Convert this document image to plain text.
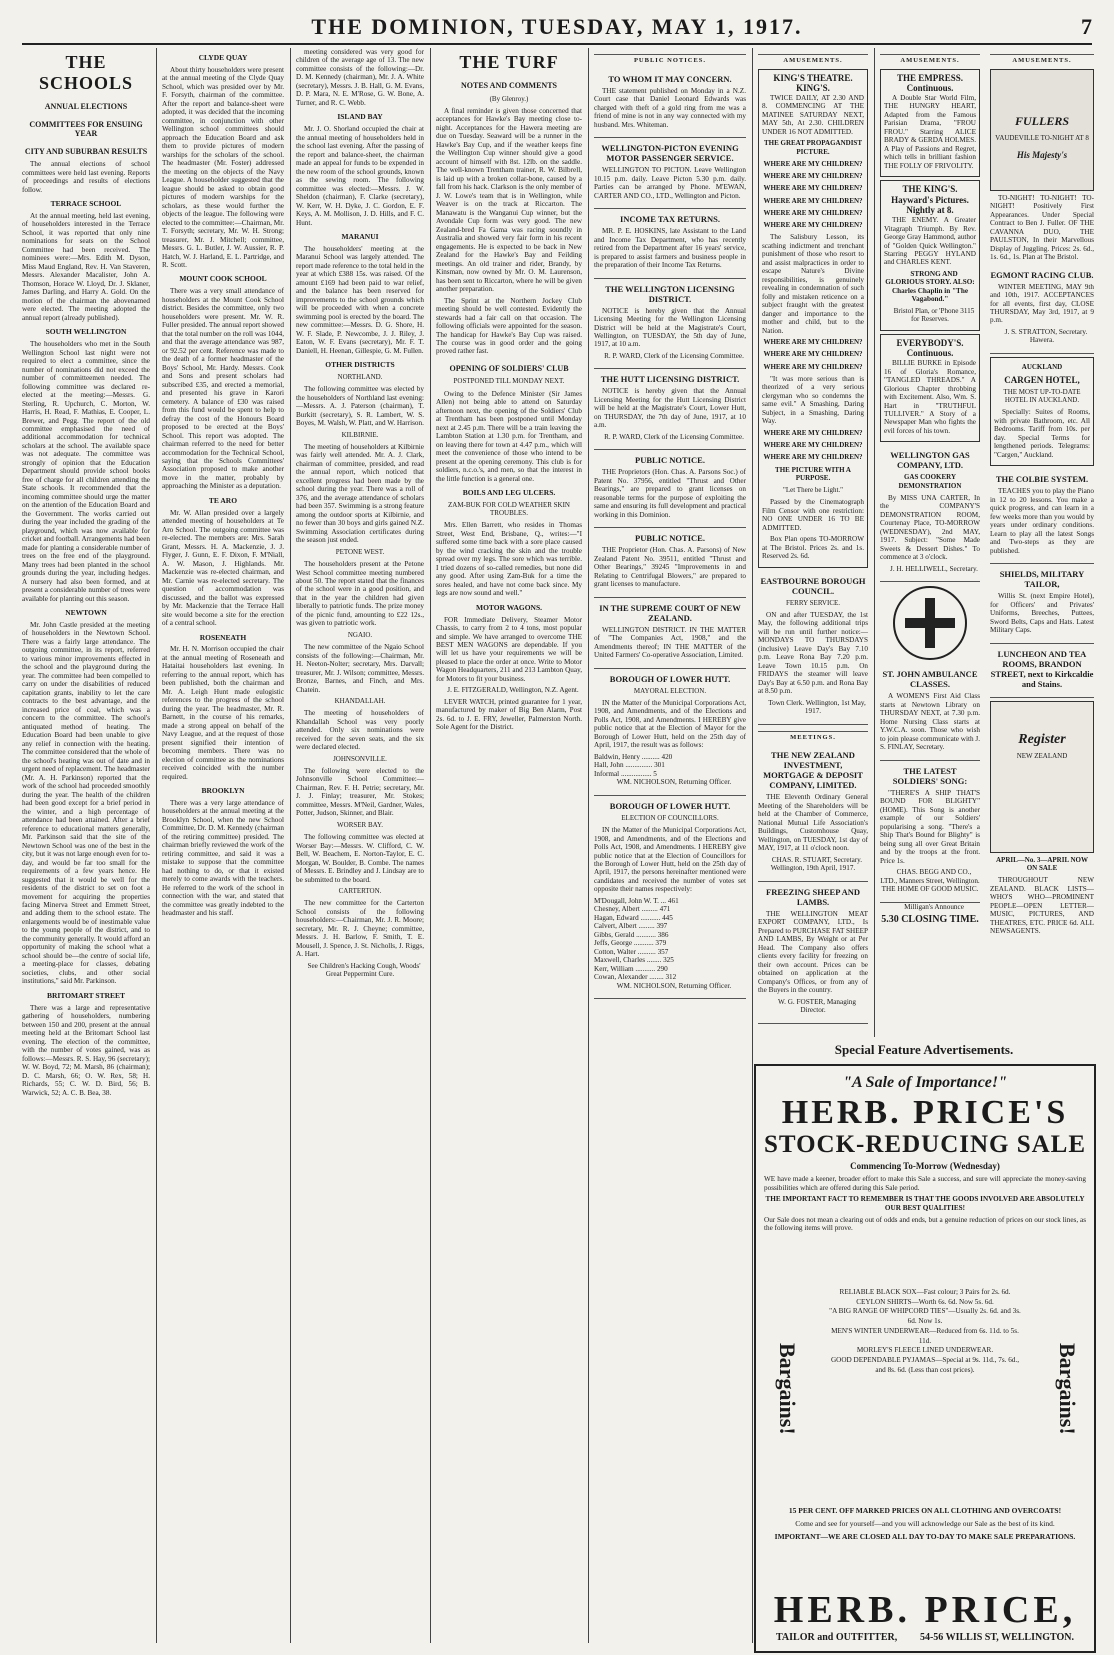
THE DOMINION, TUESDAY, MAY 1, 1917.	7
THE SCHOOLS
ANNUAL ELECTIONS
COMMITTEES FOR ENSUING YEAR
CITY AND SUBURBAN RESULTS

The annual elections of school committees were held last evening. Reports of proceedings and results of elections follow.

TERRACE SCHOOL

At the annual meeting, held last evening, of householders interested in the Terrace School, it was reported that only nine nominations for seats on the School Committee had been received. The nominees were:—Mrs. Edith M. Dyson, Miss Maud England, Rev. H. Van Staveren, Messrs. Alexander Macalister, John A. Thomson, Horace W. Lloyd, Dr. J. Sklaner, James Darling, and Harry A. Gold. On the motion of the chairman the abovenamed were elected. The meeting adopted the annual report (already published).

SOUTH WELLINGTON

The householders who met in the South Wellington School last night were not required to elect a committee, since the number of nominations did not exceed the number of committeemen needed. The following committee was declared re-elected at the meeting:—Messrs. G. Sterling, R. Upchurch, C. Morton, W. Harris, H. Read, F. Mathias, E. Cooper, L. Brewer, and Pegg. The report of the old committee emphasised the need of additional accommodation for technical scholars at the school. The available space was not adequate. The committee was strongly of opinion that the Education Department should provide school books free of charge for all children attending the State schools. It recommended that the incoming committee should urge the matter on the attention of the Education Board and the Government. The works carried out during the year included the grading of the playground, which was now available for cricket and football. Arrangements had been made for planting a considerable number of trees on the free end of the playground. Many trees had been planted in the school grounds during the year, including hedges. A nursery had also been formed, and at present a considerable number of trees were available for planting out this season.

NEWTOWN

Mr. John Castle presided at the meeting of householders in the Newtown School. There was a fairly large attendance. The outgoing committee, in its report, referred to various minor improvements effected in the school and the playground during the year. The committee had been compelled to carry on under the disabilities of reduced capitation grants, inability to let the care contracts to the best advantage, and the increased price of coal, which was a concern to the committee. The school's antiquated method of heating. The Education Board had been unable to give any relief in connection with the heating. The committee considered that the whole of the school's heating was out of date and in urgent need of replacement. The headmaster (Mr. A. H. Parkinson) reported that the work of the school had proceeded smoothly during the year. The health of the children had been good except for a brief period in the winter, and a high percentage of attendance had been attained. After a brief reference to educational matters generally, Mr. Parkinson said that the site of the Newtown School was one of the best in the city, but it was not large enough even for to-day, and would be far too small for the requirements of a few years hence. He suggested that it would be well for the residents of the district to set on foot a movement for acquiring the properties facing Minerva Street and Emmett Street, and adding them to the school estate. The enlargements would be of inestimable value to the young people of the district, and to the community generally. It would afford an opportunity of making the school what a school should be—the centre of social life, a meeting-place for classes, debating societies, clubs, and other social institutions," said Mr. Parkinson.

BRITOMART STREET

There was a large and representative gathering of householders, numbering between 150 and 200, present at the annual meeting held at the Britomart School last evening. The election of the committee, with the number of votes gained, was as follows:—Messrs. R. S. Hay, 96 (secretary); W. W. Boyd, 72; M. Marsh, 86 (chairman); D. C. Marsh, 66; O. W. Rex, 58; H. Richards, 55; C. W. D. Bird, 56; B. Warwick, 52; A. C. B. Bea, 38.

CLYDE QUAY

About thirty householders were present at the annual meeting of the Clyde Quay School, which was presided over by Mr. F. Forsyth, chairman of the committee. After the report and balance-sheet were adopted, it was decided that the incoming committee, in conjunction with other Wellington school committees should approach the Education Board and ask them to provide pictures of modern warships for the scholars of the school. The headmaster (Mr. Foster) addressed the meeting on the objects of the Navy League. A householder suggested that the league should be asked to obtain good pictures of modern warships for the scholars, as these would further the objects of the league. The following were elected to the committee:—Chairman, Mr. T. Forsyth; secretary, Mr. W. H. Strong; treasurer, Mr. J. Mitchell; committee, Messrs. G. L. Butler, J. W. Aussier, R. P. Hatch, W. J. Harland, E. L. Partridge, and R. Scott.

MOUNT COOK SCHOOL

There was a very small attendance of householders at the Mount Cook School district. Besides the committee, only two householders were present. Mr. W. R. Fuller presided. The annual report showed that the total number on the roll was 1044, and that the average attendance was 987, or 92.52 per cent. Reference was made to the death of a former headmaster of the Boys' School, Mr. Hardy. Messrs. Cook and Sons and present scholars had subscribed £35, and erected a memorial, and presented his grave in Karori cemetery. A balance of £30 was raised from this fund would be spent to help to defray the cost of the Honours Board proposed to be erected at the Boys' School. This report was adopted. The chairman referred to the need for better accommodation for the Technical School, saying that the Schools Committees' Association proposed to make another move in the matter, probably by approaching the Minister as a deputation.

TE ARO

Mr. W. Allan presided over a largely attended meeting of householders at Te Aro School. The outgoing committee was re-elected. The members are: Mrs. Sarah Grant, Messrs. H. A. Mackenzie, J. J. Flyger, J. Gunn, E. F. Dixon, F. M'Niall, A. W. Mason, J. Highlands. Mr. Mackenzie was re-elected chairman, and Mr. Carnie was re-elected secretary. The question of accommodation was discussed, and the ballot was expressed by Mr. Mackenzie that the Terrace Hall site would become a site for the erection of a central school.

ROSENEATH

Mr. H. N. Morrison occupied the chair at the annual meeting of Roseneath and Hataitai householders last evening. In referring to the annual report, which has been published, both the chairman and Mr. A. Leigh Hunt made eulogistic references to the progress of the school during the year. The headmaster, Mr. R. Barnett, in the course of his remarks, made a strong appeal on behalf of the Navy League, and at the request of those present signified their intention of becoming members. There was no election of committee as the nominations received coincided with the number required.

BROOKLYN

There was a very large attendance of householders at the annual meeting at the Brooklyn School, when the new School Committee, Dr. D. M. Kennedy (chairman of the retiring committee) presided. The chairman briefly reviewed the work of the retiring committee, and said it was a mistake to suppose that the committee had nothing to do, or that it existed merely to come awards with the teachers. He referred to the work of the school in connection with the war, and stated that the committee was greatly indebted to the headmaster and his staff.

meeting considered was very good for children of the average age of 13. The new committee consists of the following:—Dr. D. M. Kennedy (chairman), Mr. J. A. White (secretary), Messrs. J. B. Hall, G. M. Evans, D. P. Mara, N. E. M'Rose, G. W. Bone, A. Turner, and R. C. Webb.

ISLAND BAY

Mr. J. O. Shorland occupied the chair at the annual meeting of householders held in the school last evening. After the passing of the report and balance-sheet, the chairman made an appeal for funds to be expended in the new room of the school grounds, known as the sewing room. The following committee was elected:—Messrs. J. W. Sheldon (chairman), F. Clarke (secretary), W. Kerr, W. H. Dyke, J. C. Gordon, E. F. Keys, A. M. Mollison, J. D. Hills, and F. C. Hunt.

MARANUI

The householders' meeting at the Maranui School was largely attended. The report made reference to the total held in the year at which £388 15s. was raised. Of the amount £169 had been paid to war relief, and the balance has been reserved for improvements to the school grounds which will be proceeded with when a concrete swimming pool is erected by the board. The new committee:—Messrs. D. G. Shore, H. W. F. Slade, P. Newcombe, J. J. Riley, J. Eaton, W. F. Evans (secretary), Mr. F. T. Daniell, H. Heenan, Gillespie, G. M. Fullen.

OTHER DISTRICTS
NORTHLAND.

The following committee was elected by the householders of Northland last evening:—Messrs. A. J. Paterson (chairman), T. Burkitt (secretary), S. R. Lambert, W. S. Boyes, M. Walsh, W. Platt, and W. Harrison.

KILBIRNIE.

The meeting of householders at Kilbirnie was fairly well attended. Mr. A. J. Clark, chairman of committee, presided, and read the annual report, which noticed that excellent progress had been made by the school during the year. There was a roll of 376, and the average attendance of scholars had been 357. Swimming is a strong feature among the outdoor sports at Kilbirnie, and no fewer than 30 boys and girls gained N.Z. Swimming Association certificates during the season just ended.

PETONE WEST.

The householders present at the Petone West School committee meeting numbered about 50. The report stated that the finances of the school were in a good position, and that in the year the children had given liberally to patriotic funds. The prize money of the picnic fund, amounting to £22 12s., was given to patriotic work.

NGAIO.

The new committee of the Ngaio School consists of the following:—Chairman, Mr. H. Neeton-Nolter; secretary, Mrs. Darvall; treasurer, Mr. J. Wilson; committee, Messrs. Bronze, Barnes, and Finch, and Mrs. Chatein.

KHANDALLAH.

The meeting of householders of Khandallah School was very poorly attended. Only six nominations were received for the seven seats, and the six were declared elected.

JOHNSONVILLE.

The following were elected to the Johnsonville School Committee:—Chairman, Rev. F. H. Petrie; secretary, Mr. J. J. Finlay; treasurer, Mr. Stokes; committee, Messrs. M'Neil, Gardner, Wales, Potter, Judson, Skinner, and Blair.

WORSER BAY.

The following committee was elected at Worser Bay:—Messrs. W. Clifford, C. W. Bell, W. Beachem, E. Norton-Taylor, E. C. Morgan, W. Boulder, B. Combe. The names of Messrs. E. Brindley and J. Lindsay are to be submitted to the board.

CARTERTON.

The new committee for the Carterton School consists of the following householders:—Chairman, Mr. J. R. Moore; secretary, Mr. R. J. Cheyne; committee, Messrs. J. H. Barlow, F. Smith, T. E. Mousell, J. Spence, J. St. Nicholls, J. Riggs, A. Hart.

See Children's Hacking Cough, Woods' Great Peppermint Cure.

THE TURF
NOTES AND COMMENTS
(By Glenroy.)

A final reminder is given those concerned that acceptances for Hawke's Bay meeting close to-night. Acceptances for the Hawera meeting are due on Tuesday. Seaward will be a runner in the Hawke's Bay Cup, and if the weather keeps fine the Wellington Cup winner should give a good account of himself with 8st. 12lb. on the saddle. The well-known Trentham trainer, R. W. Bilbrell, is laid up with a broken collar-bone, caused by a fall from his hack. Clarkson is the only member of J. W. Lowe's team that is in Wellington, while Weaver is on the track at Riccarton. The Manawatu is the Wanganui Cup winner, but the Avondale Cup form was very good. The new Zealand-bred Fa Gama was racing soundly in Australia and showed very fair form in his recent engagements. He is expected to be back in New Zealand for the Hawke's Bay and Feilding meetings. An old trainer and rider, Brandy, by Kinsman, now owned by Mr. O. M. Laurenson, has been sent to Riccarton, where he will be given another preparation.

The Sprint at the Northern Jockey Club meeting should be well contested. Evidently the stewards had a fair call on that occasion. The following officials were appointed for the season. The handicap for Hawke's Bay Cup was raised. The course was in good order and the going proved rather fast.

OPENING OF SOLDIERS' CLUB
POSTPONED TILL MONDAY NEXT.

Owing to the Defence Minister (Sir James Allen) not being able to attend on Saturday afternoon next, the opening of the Soldiers' Club at Trentham has been postponed until Monday next at 2.45 p.m. There will be a train leaving the Lambton Station at 1.30 p.m. for Trentham, and on leaving there for town at 4.47 p.m., which will meet the convenience of those who intend to be present at the opening ceremony. This club is for soldiers, n.c.o.'s, and men, so that the interest in the little function is a general one.

BOILS AND LEG ULCERS.
ZAM-BUK FOR COLD WEATHER SKIN TROUBLES.

Mrs. Ellen Barrett, who resides in Thomas Street, West End, Brisbane, Q., writes:—"I suffered some time back with a sore place caused by the wind cracking the skin and the trouble spread over my legs. The sore which was terrible. I tried dozens of so-called remedies, but none did any good. After using Zam-Buk for a time the sores healed, and have not come back since. My legs are now sound and well."

MOTOR WAGONS.

FOR Immediate Delivery, Steamer Motor Chassis, to carry from 2 to 4 tons, most popular and simple. We have arranged to overcome THE BEST MEN WAGONS are dependable. If you will let us have your requirements we will be pleased to place the order at once. Write to Motor Wagon Headquarters, 211 and 213 Lambton Quay, for Motors to fit your business.

J. E. FITZGERALD, Wellington, N.Z. Agent.

LEVER WATCH, printed guarantee for 1 year, manufactured by maker of Big Ben Alarm, Post 2s. 6d. to J. E. FRY, Jeweller, Palmerston North. Sole Agent for the District.

PUBLIC NOTICES.
TO WHOM IT MAY CONCERN.

THE statement published on Monday in a N.Z. Court case that Daniel Leonard Edwards was charged with theft of a gold ring from me was a friend of mine is not in any way connected with my husband. Mrs. Whiteman.

WELLINGTON-PICTON EVENING MOTOR PASSENGER SERVICE.

WELLINGTON TO PICTON. Leave Wellington 10.15 p.m. daily. Leave Picton 5.30 p.m. daily. Parties can be arranged by Phone. M'EWAN, CARTER AND CO., LTD., Wellington and Picton.

INCOME TAX RETURNS.

MR. P. E. HOSKINS, late Assistant to the Land and Income Tax Department, who has recently retired from the Department after 16 years' service, is prepared to assist farmers and business people in the preparation of their Income Tax Returns.

THE WELLINGTON LICENSING DISTRICT.

NOTICE is hereby given that the Annual Licensing Meeting for the Wellington Licensing District will be held at the Magistrate's Court, Wellington, on TUESDAY, the 5th day of June, 1917, at 10 a.m.

R. P. WARD, Clerk of the Licensing Committee.

THE HUTT LICENSING DISTRICT.

NOTICE is hereby given that the Annual Licensing Meeting for the Hutt Licensing District will be held at the Magistrate's Court, Lower Hutt, on THURSDAY, the 7th day of June, 1917, at 10 a.m.

R. P. WARD, Clerk of the Licensing Committee.

PUBLIC NOTICE.

THE Proprietors (Hon. Chas. A. Parsons Soc.) of Patent No. 37956, entitled "Thrust and Other Bearings," are prepared to grant licenses on reasonable terms for the purpose of exploiting the same and ensuring its full development and practical working in this Dominion.

PUBLIC NOTICE.

THE Proprietor (Hon. Chas. A. Parsons) of New Zealand Patent No. 39511, entitled "Thrust and Other Bearings," 39245 "Improvements in and Relating to Centrifugal Blowers," are prepared to grant licenses to manufacture.

IN THE SUPREME COURT OF NEW ZEALAND.

WELLINGTON DISTRICT. IN THE MATTER of "The Companies Act, 1908," and the Amendments thereof; IN THE MATTER of the United Farmers' Co-operative Association, Limited.

BOROUGH OF LOWER HUTT.
MAYORAL ELECTION.

IN the Matter of the Municipal Corporations Act, 1908, and Amendments, and of the Elections and Polls Act, 1908, and Amendments. I HEREBY give public notice that at the Election of Mayor for the Borough of Lower Hutt, held on the 25th day of April, 1917, the result was as follows:

Baldwin, Henry .......... 420
Hall, John ............... 301
Informal ................. 5

WM. NICHOLSON, Returning Officer.

BOROUGH OF LOWER HUTT.
ELECTION OF COUNCILLORS.

IN the Matter of the Municipal Corporations Act, 1908, and Amendments, and of the Elections and Polls Act, 1908, and Amendments. I HEREBY give public notice that at the Election of Councillors for the Borough of Lower Hutt, held on the 25th day of April, 1917, the persons hereinafter mentioned were candidates and received the number of votes set opposite their names respectively:

M'Dougall, John W. T. ... 461
Chesney, Albert ......... 471
Hagan, Edward ........... 445
Calvert, Albert ......... 397
Gibbs, Gerald ........... 386
Jeffs, George ........... 379
Cotton, Walter .......... 357
Maxwell, Charles ........ 325
Kerr, William ........... 290
Cowan, Alexander ........ 312

WM. NICHOLSON, Returning Officer.

AMUSEMENTS.
KING'S THEATRE. KING'S.

TWICE DAILY, AT 2.30 AND 8. COMMENCING AT THE MATINEE SATURDAY NEXT, MAY 5th, At 2.30. CHILDREN UNDER 16 NOT ADMITTED.

THE GREAT PROPAGANDIST PICTURE.
WHERE ARE MY CHILDREN?
WHERE ARE MY CHILDREN?
WHERE ARE MY CHILDREN?
WHERE ARE MY CHILDREN?
WHERE ARE MY CHILDREN?
WHERE ARE MY CHILDREN?

The Salisbury Lesson, its scathing indictment and trenchant punishment of those who resort to and assist malpractices in order to escape Nature's Divine responsibilities, is genuinely revealing in condemnation of such folly and mistaken reticence on a subject fraught with the greatest danger and importance to the mother and child, but to the Nation.

WHERE ARE MY CHILDREN?
WHERE ARE MY CHILDREN?
WHERE ARE MY CHILDREN?

"It was more serious than is theorized of a very serious clergyman who so condemns the same evil." A Smashing, Daring Subject, in a Smashing, Daring Way.

WHERE ARE MY CHILDREN?
WHERE ARE MY CHILDREN?
WHERE ARE MY CHILDREN?
THE PICTURE WITH A PURPOSE.
"Let There be Light."

Passed by the Cinematograph Film Censor with one restriction: NO ONE UNDER 16 TO BE ADMITTED.

Box Plan opens TO-MORROW at The Bristol. Prices 2s. and 1s. Reserved 2s. 6d.

EASTBOURNE BOROUGH COUNCIL.
FERRY SERVICE.

ON and after TUESDAY, the 1st May, the following additional trips will be run until further notice:— MONDAYS TO THURSDAYS (inclusive) Leave Day's Bay 7.10 p.m. Leave Rona Bay 7.20 p.m. Leave Town 10.15 p.m. On FRIDAYS the steamer will leave Day's Bay at 6.50 p.m. and Rona Bay at 8.50 p.m.

Town Clerk. Wellington, 1st May, 1917.

MEETINGS.
THE NEW ZEALAND INVESTMENT, MORTGAGE & DEPOSIT COMPANY, LIMITED.

THE Eleventh Ordinary General Meeting of the Shareholders will be held at the Chamber of Commerce, National Mutual Life Association's Buildings, Customhouse Quay, Wellington, on TUESDAY, 1st day of MAY, 1917, at 11 o'clock noon.

CHAS. R. STUART, Secretary. Wellington, 19th April, 1917.

FREEZING SHEEP AND LAMBS.

THE WELLINGTON MEAT EXPORT COMPANY, LTD., Is Prepared to PURCHASE FAT SHEEP AND LAMBS, By Weight or at Per Head. The Company also offers clients every facility for freezing on their own account. Prices can be obtained on application at the Company's Offices, or from any of the Buyers in the country.

W. G. FOSTER, Managing Director.

AMUSEMENTS.
THE EMPRESS. Continuous.

A Double Star World Film, THE HUNGRY HEART, Adapted from the Famous Parisian Drama, "FROU FROU." Starring ALICE BRADY & GERDA HOLMES. A Play of Passions and Regret, which tells in brilliant fashion THE FOLLY OF FRIVOLITY.

THE KING'S. Hayward's Pictures. Nightly at 8.

THE ENEMY. A Greater Vitagraph Triumph. By Rev. George Gray Hammond, author of "Golden Quick Wellington." Starring PEGGY HYLAND and CHARLES KENT.

STRONG AND GLORIOUS STORY. ALSO: Charles Chaplin in "The Vagabond."

Bristol Plan, or 'Phone 3115 for Reserves.

EVERYBODY'S. Continuous.

BILLIE BURKE in Episode 16 of Gloria's Romance, "TANGLED THREADS." A Glorious Chapter throbbing with Excitement. Also, Wm. S. Hart in "TRUTHFUL TULLIVER." A Story of a Newspaper Man who fights the evil forces of his town.

WELLINGTON GAS COMPANY, LTD.
GAS COOKERY DEMONSTRATION

By MISS UNA CARTER, In the COMPANY'S DEMONSTRATION ROOM, Courtenay Place, TO-MORROW (WEDNESDAY), 2nd MAY, 1917. Subject: "Some Made Sweets & Dessert Dishes." To commence at 3 o'clock.

J. H. HELLIWELL, Secretary.

ST. JOHN AMBULANCE CLASSES.

A WOMEN'S First Aid Class starts at Newtown Library on THURSDAY NEXT, at 7.30 p.m. Home Nursing Class starts at Y.W.C.A. soon. Those who wish to join please communicate with J. S. FINLAY, Secretary.

THE LATEST SOLDIERS' SONG:

"THERE'S A SHIP THAT'S BOUND FOR BLIGHTY" (HOME). This Song is another example of our Soldiers' popularising a song. "There's a Ship That's Bound for Blighty" is being sung all over Great Britain and by the troops at the front. Price 1s.

CHAS. BEGG AND CO., LTD., Manners Street, Wellington. THE HOME OF GOOD MUSIC.

Milligan's Announce

5.30 CLOSING TIME.
AMUSEMENTS.
FULLERS
VAUDEVILLE TO-NIGHT AT 8
His Majesty's

TO-NIGHT! TO-NIGHT! TO-NIGHT! Positively First Appearances. Under Special Contract to Ben J. Fuller. OF THE CAVANNA DUO, THE PAULSTON, In their Marvellous Display of Juggling. Prices: 2s. 6d., 1s. 6d., 1s. Plan at The Bristol.

EGMONT RACING CLUB.

WINTER MEETING, MAY 9th and 10th, 1917. ACCEPTANCES for all events, first day, CLOSE THURSDAY, May 3rd, 1917, at 9 p.m.

J. S. STRATTON, Secretary. Hawera.

AUCKLAND
CARGEN HOTEL,
THE MOST UP-TO-DATE HOTEL IN AUCKLAND.

Specially: Suites of Rooms, with private Bathroom, etc. All Bedrooms. Tariff from 10s. per day. Special Terms for lengthened periods. Telegrams: "Cargen," Auckland.

THE COLBIE SYSTEM.

TEACHES you to play the Piano in 12 to 20 lessons. You make a quick progress, and can learn in a few weeks more than you would by years under ordinary conditions. Learn to play all the latest Songs and Two-steps as they are published.

SHIELDS, MILITARY TAILOR,

Willis St. (next Empire Hotel), for Officers' and Privates' Uniforms, Breeches, Puttees, Sword Belts, Caps and Hats. Latest Military Caps.

LUNCHEON AND TEA ROOMS, BRANDON STREET, next to Kirkcaldie and Stains.
Register
NEW ZEALAND
APRIL—No. 3—APRIL NOW ON SALE

THROUGHOUT NEW ZEALAND. BLACK LISTS—WHO'S WHO—PROMINENT PEOPLE—OPEN LETTER—MUSIC, PICTURES, AND THEATRES, ETC. PRICE 6d. ALL NEWSAGENTS.

Special Feature Advertisements.
"A Sale of Importance!"
HERB. PRICE'S
STOCK-REDUCING SALE
Commencing To-Morrow (Wednesday)

WE have made a keener, broader effort to make this Sale a success, and sure will appreciate the money-saving possibilities which are offered during this Sale period.

THE IMPORTANT FACT TO REMEMBER IS THAT THE GOODS INVOLVED ARE ABSOLUTELY OUR BEST QUALITIES!

Our Sale does not mean a clearing out of odds and ends, but a genuine reduction of prices on our stock lines, as the following items will prove.

Bargains!	Bargains!
RELIABLE BLACK SOX—Fast colour; 3 Pairs for 2s. 6d.
CEYLON SHIRTS—Worth 6s. 6d. Now 5s. 6d.
"A BIG RANGE OF WHIPCORD TIES"—Usually 2s. 6d. and 3s. 6d. Now 1s.
MEN'S WINTER UNDERWEAR—Reduced from 6s. 11d. to 5s. 11d.
MORLEY'S FLEECE LINED UNDERWEAR.
GOOD DEPENDABLE PYJAMAS—Special at 9s. 11d., 7s. 6d., and 8s. 6d. (Less than cost prices).

15 PER CENT. OFF MARKED PRICES ON ALL CLOTHING AND OVERCOATS!

Come and see for yourself—and you will acknowledge our Sale as the best of its kind.

IMPORTANT—WE ARE CLOSED ALL DAY TO-DAY TO MAKE SALE PREPARATIONS.

HERB. PRICE,
TAILOR and OUTFITTER, 54-56 WILLIS ST, WELLINGTON.
